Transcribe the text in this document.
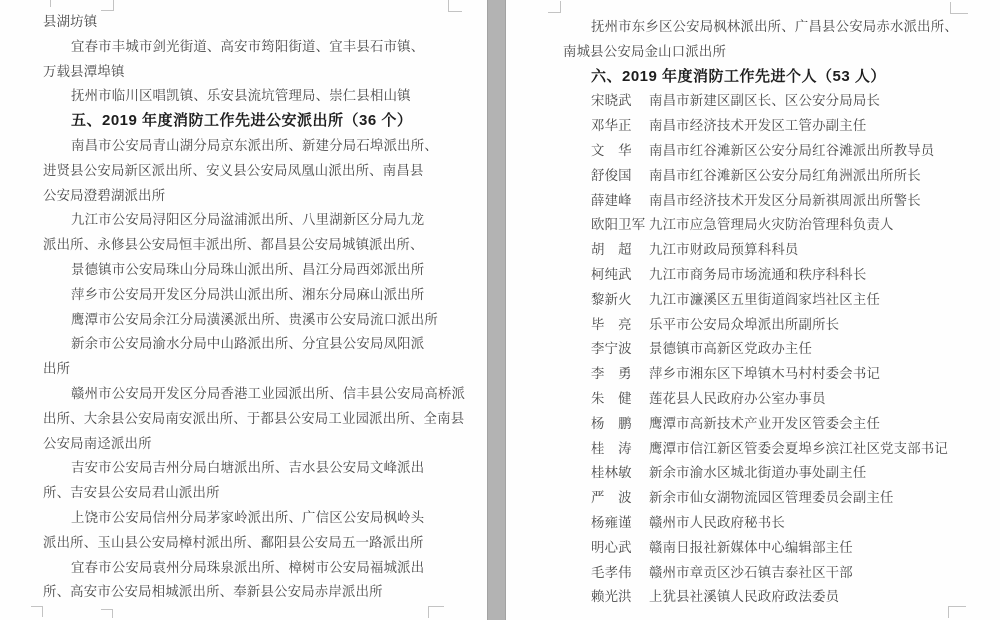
县湖坊镇
宜春市丰城市剑光街道、高安市筠阳街道、宜丰县石市镇、
万载县潭埠镇
抚州市临川区唱凯镇、乐安县流坑管理局、崇仁县相山镇
五、2019 年度消防工作先进公安派出所（36 个）
南昌市公安局青山湖分局京东派出所、新建分局石埠派出所、
进贤县公安局新区派出所、安义县公安局凤凰山派出所、南昌县
公安局澄碧湖派出所
九江市公安局浔阳区分局湓浦派出所、八里湖新区分局九龙
派出所、永修县公安局恒丰派出所、都昌县公安局城镇派出所、
景德镇市公安局珠山分局珠山派出所、昌江分局西郊派出所
萍乡市公安局开发区分局洪山派出所、湘东分局麻山派出所
鹰潭市公安局余江分局潢溪派出所、贵溪市公安局流口派出所
新余市公安局渝水分局中山路派出所、分宜县公安局凤阳派
出所
赣州市公安局开发区分局香港工业园派出所、信丰县公安局高桥派
出所、大余县公安局南安派出所、于都县公安局工业园派出所、全南县
公安局南迳派出所
吉安市公安局吉州分局白塘派出所、吉水县公安局文峰派出
所、吉安县公安局君山派出所
上饶市公安局信州分局茅家岭派出所、广信区公安局枫岭头
派出所、玉山县公安局樟村派出所、鄱阳县公安局五一路派出所
宜春市公安局袁州分局珠泉派出所、樟树市公安局福城派出
所、高安市公安局相城派出所、奉新县公安局赤岸派出所
抚州市东乡区公安局枫林派出所、广昌县公安局赤水派出所、
南城县公安局金山口派出所
六、2019 年度消防工作先进个人（53 人）
宋晓武 南昌市新建区副区长、区公安分局局长
邓华正 南昌市经济技术开发区工管办副主任
文　华 南昌市红谷滩新区公安分局红谷滩派出所教导员
舒俊国 南昌市红谷滩新区公安分局红角洲派出所所长
薛建峰 南昌市经济技术开发区分局新祺周派出所警长
欧阳卫军 九江市应急管理局火灾防治管理科负责人
胡　超 九江市财政局预算科科员
柯纯武 九江市商务局市场流通和秩序科科长
黎新火 九江市濂溪区五里街道阎家垱社区主任
毕　亮 乐平市公安局众埠派出所副所长
李宁波 景德镇市高新区党政办主任
李　勇 萍乡市湘东区下埠镇木马村村委会书记
朱　健 莲花县人民政府办公室办事员
杨　鹏 鹰潭市高新技术产业开发区管委会主任
桂　涛 鹰潭市信江新区管委会夏埠乡滨江社区党支部书记
桂林敏 新余市渝水区城北街道办事处副主任
严　波 新余市仙女湖物流园区管理委员会副主任
杨雍谨 赣州市人民政府秘书长
明心武 赣南日报社新媒体中心编辑部主任
毛孝伟 赣州市章贡区沙石镇吉泰社区干部
赖光洪 上犹县社溪镇人民政府政法委员
